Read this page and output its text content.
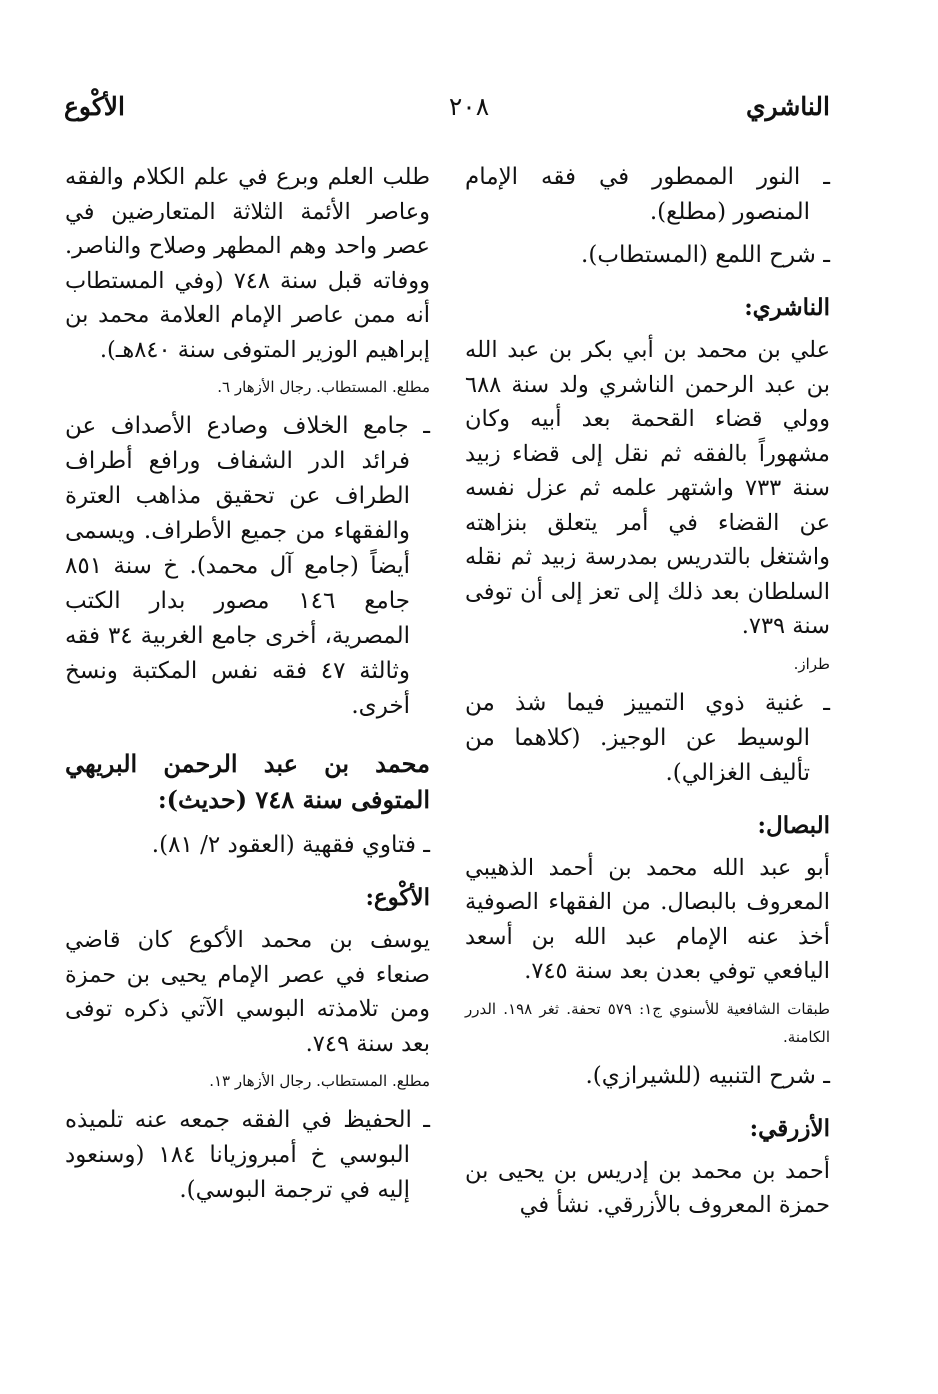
الناشري
٢٠٨
الأكْوع

ـ النور الممطور في فقه الإمام المنصور (مطلع).

ـ شرح اللمع (المستطاب).

الناشري:

علي بن محمد بن أبي بكر بن عبد الله بن عبد الرحمن الناشري ولد سنة ٦٨٨ وولي قضاء القحمة بعد أبيه وكان مشهوراً بالفقه ثم نقل إلى قضاء زبيد سنة ٧٣٣ واشتهر علمه ثم عزل نفسه عن القضاء في أمر يتعلق بنزاهته واشتغل بالتدريس بمدرسة زبيد ثم نقله السلطان بعد ذلك إلى تعز إلى أن توفى سنة ٧٣٩.

طراز.

ـ غنية ذوي التمييز فيما شذ من الوسيط عن الوجيز. (كلاهما من تأليف الغزالي).

البصال:

أبو عبد الله محمد بن أحمد الذهيبي المعروف بالبصال. من الفقهاء الصوفية أخذ عنه الإمام عبد الله بن أسعد اليافعي توفي بعدن بعد سنة ٧٤٥.

طبقات الشافعية للأسنوي ج١: ٥٧٩ تحفة. ثغر ١٩٨. الدرر الكامنة.

ـ شرح التنبيه (للشيرازي).

الأزرقي:

أحمد بن محمد بن إدريس بن يحيى بن حمزة المعروف بالأزرقي. نشأ في

طلب العلم وبرع في علم الكلام والفقه وعاصر الأئمة الثلاثة المتعارضين في عصر واحد وهم المطهر وصلاح والناصر. ووفاته قبل سنة ٧٤٨ (وفي المستطاب أنه ممن عاصر الإمام العلامة محمد بن إبراهيم الوزير المتوفى سنة ٨٤٠هـ).

مطلع. المستطاب. رجال الأزهار ٦.

ـ جامع الخلاف وصادع الأصداف عن فرائد الدر الشفاف ورافع أطراف الطراف عن تحقيق مذاهب العترة والفقهاء من جميع الأطراف. ويسمى أيضاً (جامع آل محمد). خ سنة ٨٥١ جامع ١٤٦ مصور بدار الكتب المصرية، أخرى جامع الغربية ٣٤ فقه وثالثة ٤٧ فقه نفس المكتبة ونسخ أخرى.

محمد بن عبد الرحمن البريهي المتوفى سنة ٧٤٨ (حديث):

ـ فتاوي فقهية (العقود ٢/ ٨١).

الأكْوع:

يوسف بن محمد الأكوع كان قاضي صنعاء في عصر الإمام يحيى بن حمزة ومن تلامذته البوسي الآتي ذكره توفى بعد سنة ٧٤٩.

مطلع. المستطاب. رجال الأزهار ١٣.

ـ الحفيظ في الفقه جمعه عنه تلميذه البوسي خ أمبروزيانا ١٨٤ (وسنعود إليه في ترجمة البوسي).
